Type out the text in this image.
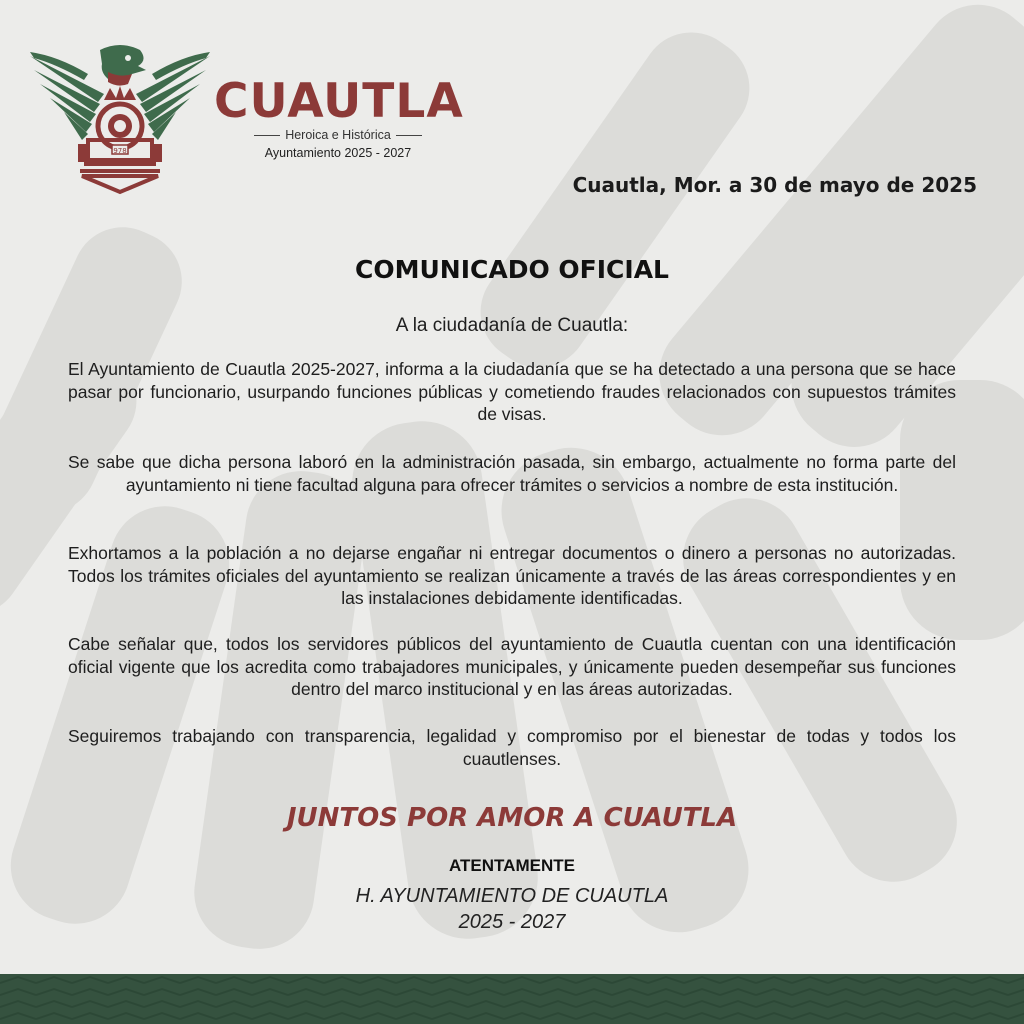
978
CUAUTLA
Heroica e Histórica
Ayuntamiento 2025 - 2027
Cuautla, Mor. a 30 de mayo de 2025
COMUNICADO OFICIAL
A la ciudadanía de Cuautla:

El Ayuntamiento de Cuautla 2025-2027, informa a la ciudadanía que se ha detectado a una persona que se hace pasar por funcionario, usurpando funciones públicas y cometiendo fraudes relacionados con supuestos trámites de visas.

Se sabe que dicha persona laboró en la administración pasada, sin embargo, actualmente no forma parte del ayuntamiento ni tiene facultad alguna para ofrecer trámites o servicios a nombre de esta institución.

Exhortamos a la población a no dejarse engañar ni entregar documentos o dinero a personas no autorizadas. Todos los trámites oficiales del ayuntamiento se realizan únicamente a través de las áreas correspondientes y en las instalaciones debidamente identificadas.

Cabe señalar que, todos los servidores públicos del ayuntamiento de Cuautla cuentan con una identificación oficial vigente que los acredita como trabajadores municipales, y únicamente pueden desempeñar sus funciones dentro del marco institucional y en las áreas autorizadas.

Seguiremos trabajando con transparencia, legalidad y compromiso por el bienestar de todas y todos los cuautlenses.

JUNTOS POR AMOR A CUAUTLA
ATENTAMENTE
H. AYUNTAMIENTO DE CUAUTLA
2025 - 2027
